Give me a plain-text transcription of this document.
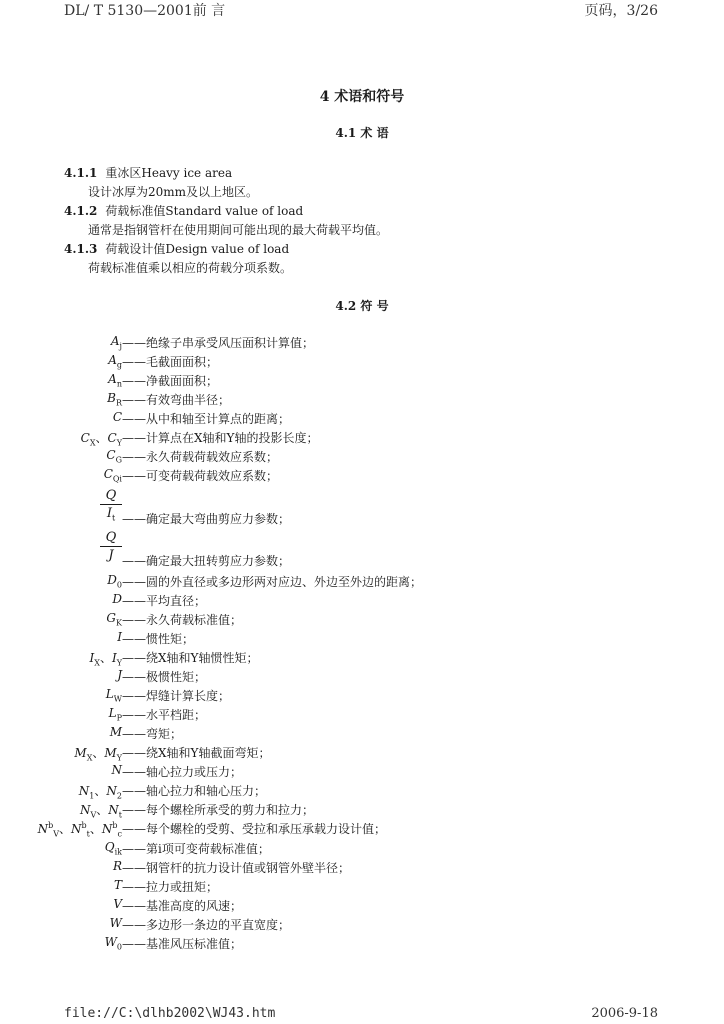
DL/ T 5130—2001前 言	页码，3/26
4 术语和符号
4.1 术 语
4.1.1 重冰区Heavy ice area
设计冰厚为20mm及以上地区。
4.1.2 荷载标准值Standard value of load
通常是指钢管杆在使用期间可能出现的最大荷载平均值。
4.1.3 荷载设计值Design value of load
荷载标准值乘以相应的荷载分项系数。
4.2 符 号
$A_j$ ——绝缘子串承受风压面积计算值；
$A_g$ ——毛截面面积；
$A_n$ ——净截面面积；
$B_R$ ——有效弯曲半径；
C ——从中和轴至计算点的距离；
$C_X$、$C_Y$ ——计算点在X轴和Y轴的投影长度；
$C_G$ ——永久荷载荷载效应系数；
$C_{Qi}$ ——可变荷载荷载效应系数；
$\frac{Q}{I_t}$ ——确定最大弯曲剪应力参数；
$\frac{Q}{J}$ ——确定最大扭转剪应力参数；
$D_0$ ——圆的外直径或多边形两对应边、外边至外边的距离；
D ——平均直径；
$G_K$ ——永久荷载标准值；
I ——惯性矩；
$I_X$、$I_Y$ ——绕X轴和Y轴惯性矩；
J ——极惯性矩；
$L_W$ ——焊缝计算长度；
$L_P$ ——水平档距；
M ——弯矩；
$M_X$、$M_Y$ ——绕X轴和Y轴截面弯矩；
N ——轴心拉力或压力；
$N_1$、$N_2$ ——轴心拉力和轴心压力；
$N_V$、$N_t$ ——每个螺栓所承受的剪力和拉力；
$N^b_V$、$N^b_t$、$N^b_c$ ——每个螺栓的受剪、受拉和承压承载力设计值；
$Q_{ik}$ ——第i项可变荷载标准值；
R ——钢管杆的抗力设计值或钢管外壁半径；
T ——拉力或扭矩；
V ——基准高度的风速；
W ——多边形一条边的平直宽度；
$W_0$ ——基准风压标准值；
file://C:\dlhb2002\WJ43.htm	2006-9-18
